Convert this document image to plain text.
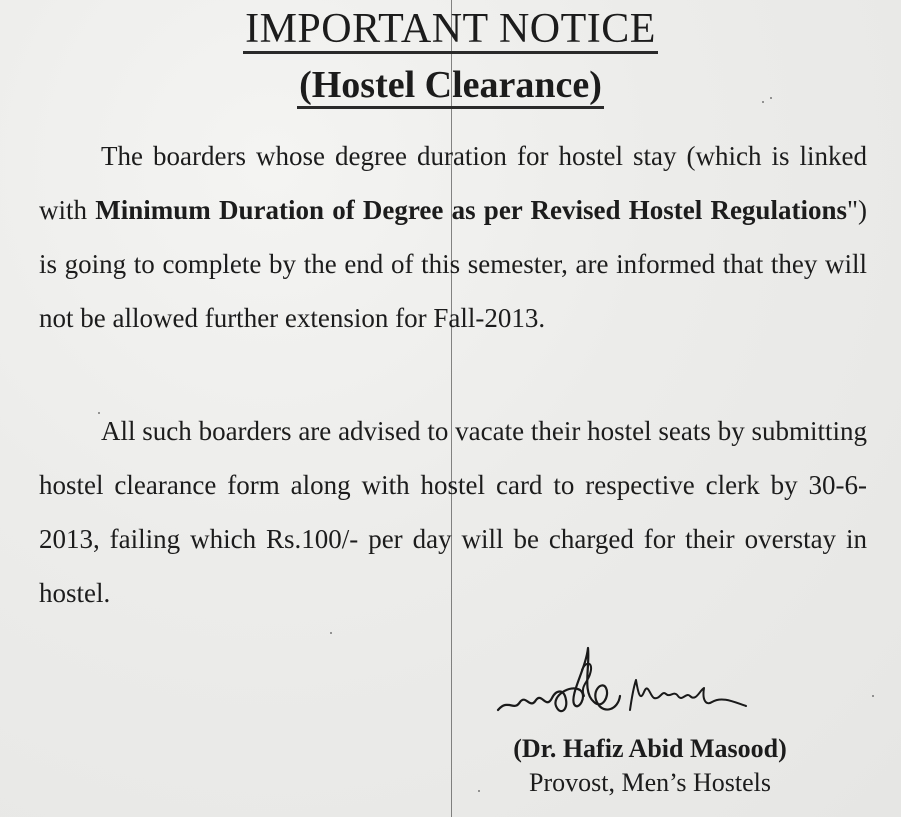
IMPORTANT NOTICE
(Hostel Clearance)

The boarders whose degree duration for hostel stay (which is linked with Minimum Duration of Degree as per Revised Hostel Regulations") is going to complete by the end of this semester, are informed that they will not be allowed further extension for Fall-2013.

All such boarders are advised to vacate their hostel seats by submitting hostel clearance form along with hostel card to respective clerk by 30-6-2013, failing which Rs.100/- per day will be charged for their overstay in hostel.

(Dr. Hafiz Abid Masood)

Provost, Men’s Hostels
